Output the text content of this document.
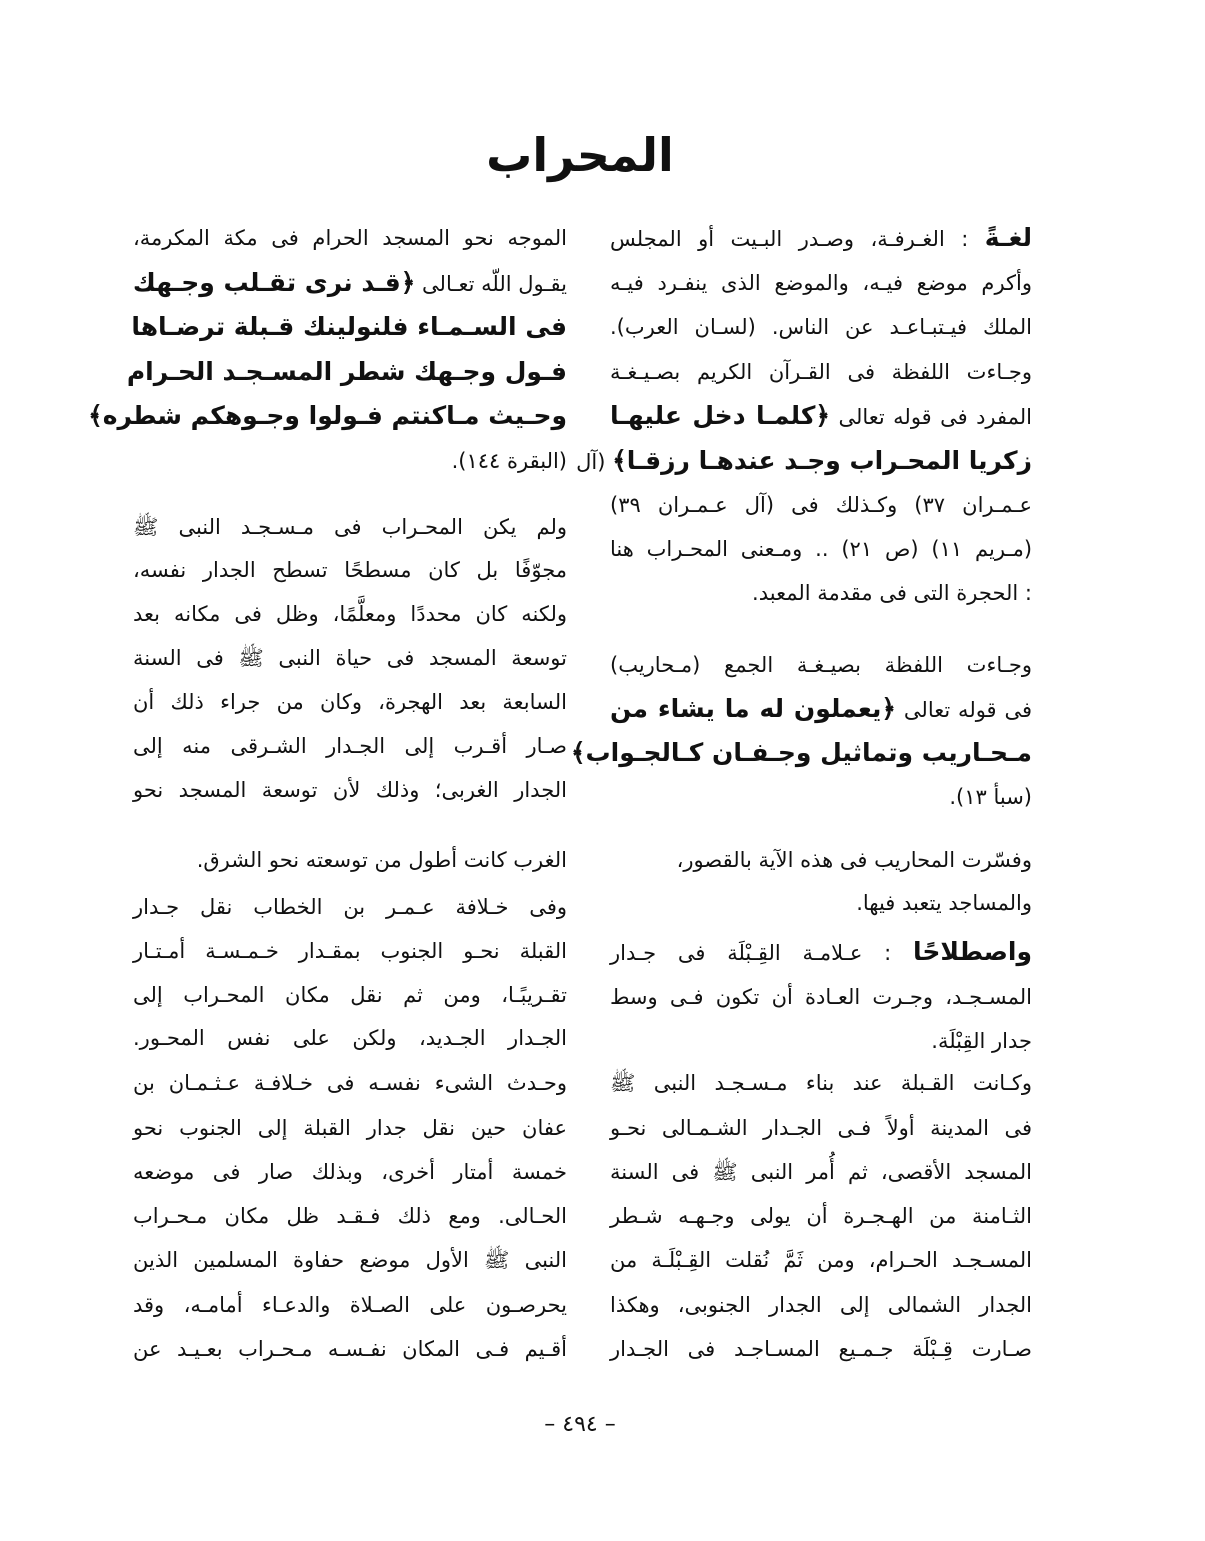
المحراب
لغـةً : الغـرفـة، وصـدر البـيت أو المجلس
وأكرم موضع فيـه، والموضع الذى ينفـرد فيـه
الملك فيـتبـاعـد عن الناس. (لسـان العرب).
وجـاءت اللفظة فى القـرآن الكريم بصـيـغـة
المفرد فى قوله تعالى ﴿كلمـا دخل عليهـا
زكريا المحـراب وجـد عندهـا رزقـا﴾ (آل
عـمـران ٣٧) وكـذلك فى (آل عـمـران ٣٩)
(مـريم ١١) (ص ٢١) .. ومـعنى المحـراب هنا
: الحجرة التى فى مقدمة المعبد.
وجـاءت اللفظة بصيـغـة الجمع (مـحاريب)
فى قوله تعالى ﴿يعملون له ما يشاء من
مـحـاريب وتماثيل وجـفـان كـالجـواب﴾
(سبأ ١٣).
وفسّرت المحاريب فى هذه الآية بالقصور،
والمساجد يتعبد فيها.
واصطلاحًا : عـلامـة القِـبْلَة فى جـدار
المسـجـد، وجـرت العـادة أن تكون فـى وسط
جدار القِبْلَة.
وكـانت القـبلة عند بناء مـسـجـد النبى ﷺ
فى المدينة أولاً فـى الجـدار الشـمـالى نحـو
المسجد الأقصى، ثم أُمر النبى ﷺ فى السنة
الثـامنة من الهـجـرة أن يولى وجـهـه شـطر
المسـجـد الحـرام، ومن ثَمَّ نُقلت القِـبْلَـة من
الجدار الشمالى إلى الجدار الجنوبى، وهكذا
صـارت قِـبْلَة جـمـيع المسـاجـد فى الجـدار
الموجه نحو المسجد الحرام فى مكة المكرمة،
يقـول اللّه تعـالى ﴿قـد نرى تقـلب وجـهك
فى السـمـاء فلنولينك قـبلة ترضـاها
فـول وجـهك شطر المسـجـد الحـرام
وحـيث مـاكنتم فـولوا وجـوهكم شطره﴾
(البقرة ١٤٤).
ولم يكن المحـراب فى مـسـجـد النبى ﷺ
مجوّفًا بل كان مسطحًا تسطح الجدار نفسه،
ولكنه كان محددًا ومعلَّمًا، وظل فى مكانه بعد
توسعة المسجد فى حياة النبى ﷺ فى السنة
السابعة بعد الهجرة، وكان من جراء ذلك أن
صـار أقـرب إلى الجـدار الشـرقى منه إلى
الجدار الغربى؛ وذلك لأن توسعة المسجد نحو
الغرب كانت أطول من توسعته نحو الشرق.
وفى خـلافة عـمـر بن الخطاب نقل جـدار
القبلة نحـو الجنوب بمقـدار خـمـسـة أمـتـار
تقـريبًـا، ومن ثم نقل مكان المحـراب إلى
الجـدار الجـديد، ولكن على نفس المحـور.
وحـدث الشىء نفسـه فى خـلافـة عـثـمـان بن
عفان حين نقل جدار القبلة إلى الجنوب نحو
خمسة أمتار أخرى، وبذلك صار فى موضعه
الحـالى. ومع ذلك فـقـد ظل مكان مـحـراب
النبى ﷺ الأول موضع حفاوة المسلمين الذين
يحرصـون على الصـلاة والدعـاء أمامـه، وقد
أقـيم فـى المكان نفـسـه مـحـراب بعـيـد عن
– ٤٩٤ –
